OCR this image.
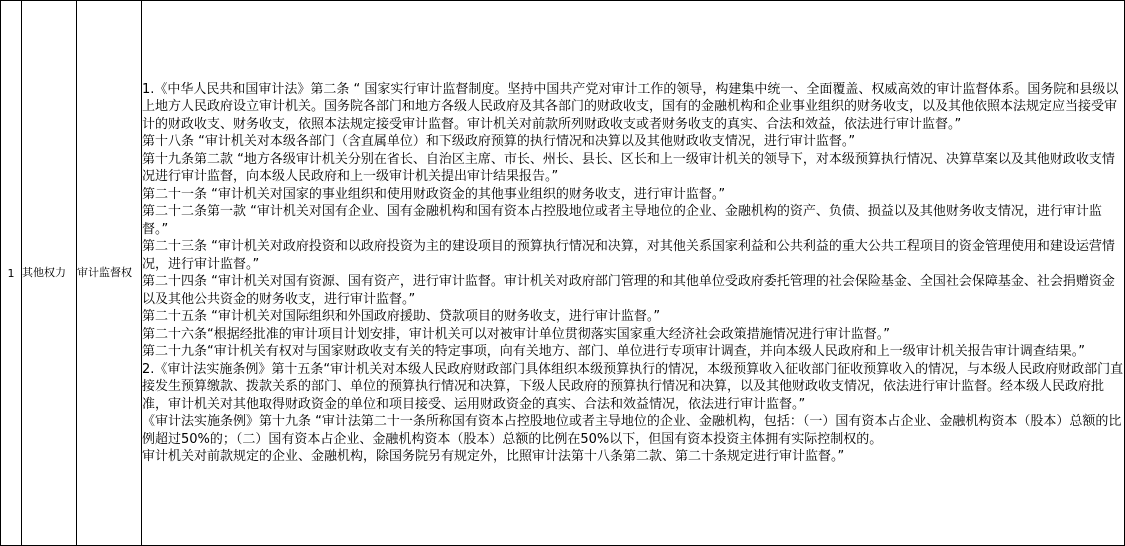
1	其他权力	审计监督权	

1.《中华人民共和国审计法》第二条 “ 国家实行审计监督制度。坚持中国共产党对审计工作的领导，构建集中统一、全面覆盖、权威高效的审计监督体系。国务院和县级以上地方人民政府设立审计机关。国务院各部门和地方各级人民政府及其各部门的财政收支，国有的金融机构和企业事业组织的财务收支，以及其他依照本法规定应当接受审计的财政收支、财务收支，依照本法规定接受审计监督。审计机关对前款所列财政收支或者财务收支的真实、合法和效益，依法进行审计监督。”

第十八条 “审计机关对本级各部门（含直属单位）和下级政府预算的执行情况和决算以及其他财政收支情况，进行审计监督。”

第十九条第二款 “地方各级审计机关分别在省长、自治区主席、市长、州长、县长、区长和上一级审计机关的领导下，对本级预算执行情况、决算草案以及其他财政收支情况进行审计监督，向本级人民政府和上一级审计机关提出审计结果报告。”

第二十一条 “审计机关对国家的事业组织和使用财政资金的其他事业组织的财务收支，进行审计监督。”

第二十二条第一款 “审计机关对国有企业、国有金融机构和国有资本占控股地位或者主导地位的企业、金融机构的资产、负债、损益以及其他财务收支情况，进行审计监督。”

第二十三条 “审计机关对政府投资和以政府投资为主的建设项目的预算执行情况和决算，对其他关系国家利益和公共利益的重大公共工程项目的资金管理使用和建设运营情况，进行审计监督。”

第二十四条 “审计机关对国有资源、国有资产，进行审计监督。审计机关对政府部门管理的和其他单位受政府委托管理的社会保险基金、全国社会保障基金、社会捐赠资金以及其他公共资金的财务收支，进行审计监督。”

第二十五条 “审计机关对国际组织和外国政府援助、贷款项目的财务收支，进行审计监督。”

第二十六条“根据经批准的审计项目计划安排，审计机关可以对被审计单位贯彻落实国家重大经济社会政策措施情况进行审计监督。”

第二十九条“审计机关有权对与国家财政收支有关的特定事项，向有关地方、部门、单位进行专项审计调查，并向本级人民政府和上一级审计机关报告审计调查结果。”

2.《审计法实施条例》第十五条“审计机关对本级人民政府财政部门具体组织本级预算执行的情况，本级预算收入征收部门征收预算收入的情况，与本级人民政府财政部门直接发生预算缴款、拨款关系的部门、单位的预算执行情况和决算，下级人民政府的预算执行情况和决算，以及其他财政收支情况，依法进行审计监督。经本级人民政府批准，审计机关对其他取得财政资金的单位和项目接受、运用财政资金的真实、合法和效益情况，依法进行审计监督。”

《审计法实施条例》第十九条 “审计法第二十一条所称国有资本占控股地位或者主导地位的企业、金融机构，包括：（一）国有资本占企业、金融机构资本（股本）总额的比例超过50%的；（二）国有资本占企业、金融机构资本（股本）总额的比例在50%以下，但国有资本投资主体拥有实际控制权的。

审计机关对前款规定的企业、金融机构，除国务院另有规定外，比照审计法第十八条第二款、第二十条规定进行审计监督。”
